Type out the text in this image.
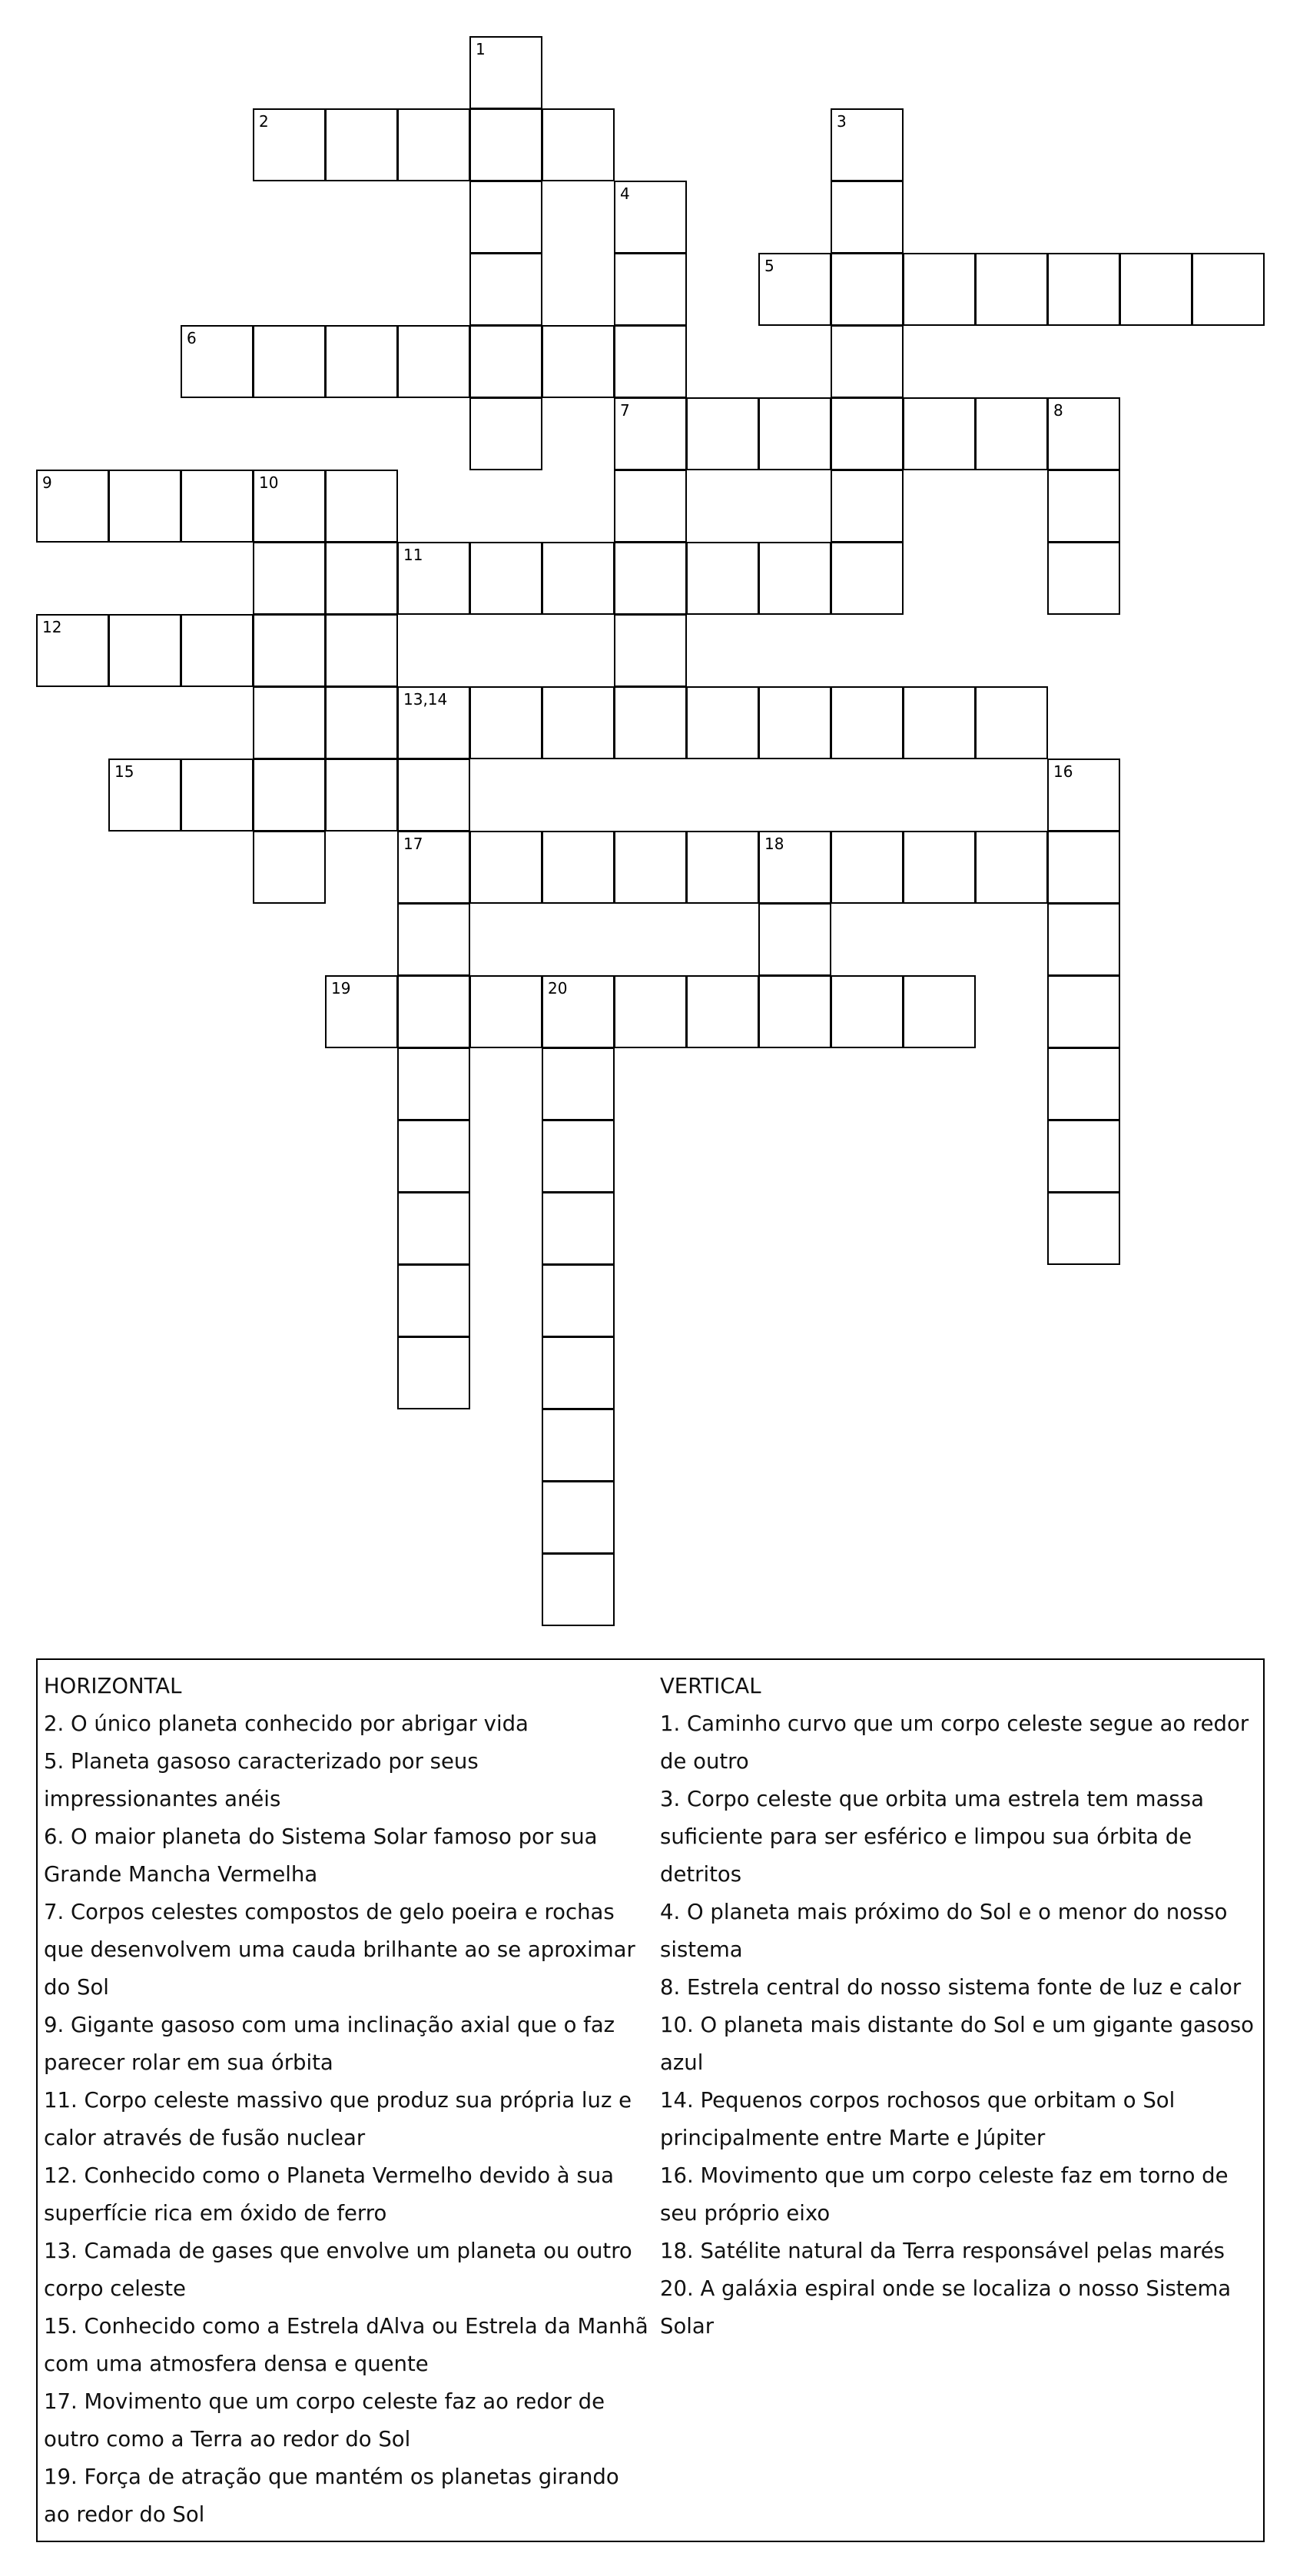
1
2	3
4
5
6
7	8
9	10
11
12
13,14
15	16
17	18
19	20
HORIZONTAL
2. O único planeta conhecido por abrigar vida
5. Planeta gasoso caracterizado por seus impressionantes anéis
6. O maior planeta do Sistema Solar famoso por sua Grande Mancha Vermelha
7. Corpos celestes compostos de gelo poeira e rochas que desenvolvem uma cauda brilhante ao se aproximar do Sol
9. Gigante gasoso com uma inclinação axial que o faz parecer rolar em sua órbita
11. Corpo celeste massivo que produz sua própria luz e calor através de fusão nuclear
12. Conhecido como o Planeta Vermelho devido à sua superfície rica em óxido de ferro
13. Camada de gases que envolve um planeta ou outro corpo celeste
15. Conhecido como a Estrela dAlva ou Estrela da Manhã com uma atmosfera densa e quente
17. Movimento que um corpo celeste faz ao redor de outro como a Terra ao redor do Sol
19. Força de atração que mantém os planetas girando ao redor do Sol
VERTICAL
1. Caminho curvo que um corpo celeste segue ao redor de outro
3. Corpo celeste que orbita uma estrela tem massa suficiente para ser esférico e limpou sua órbita de detritos
4. O planeta mais próximo do Sol e o menor do nosso sistema
8. Estrela central do nosso sistema fonte de luz e calor
10. O planeta mais distante do Sol e um gigante gasoso azul
14. Pequenos corpos rochosos que orbitam o Sol principalmente entre Marte e Júpiter
16. Movimento que um corpo celeste faz em torno de seu próprio eixo
18. Satélite natural da Terra responsável pelas marés
20. A galáxia espiral onde se localiza o nosso Sistema Solar
